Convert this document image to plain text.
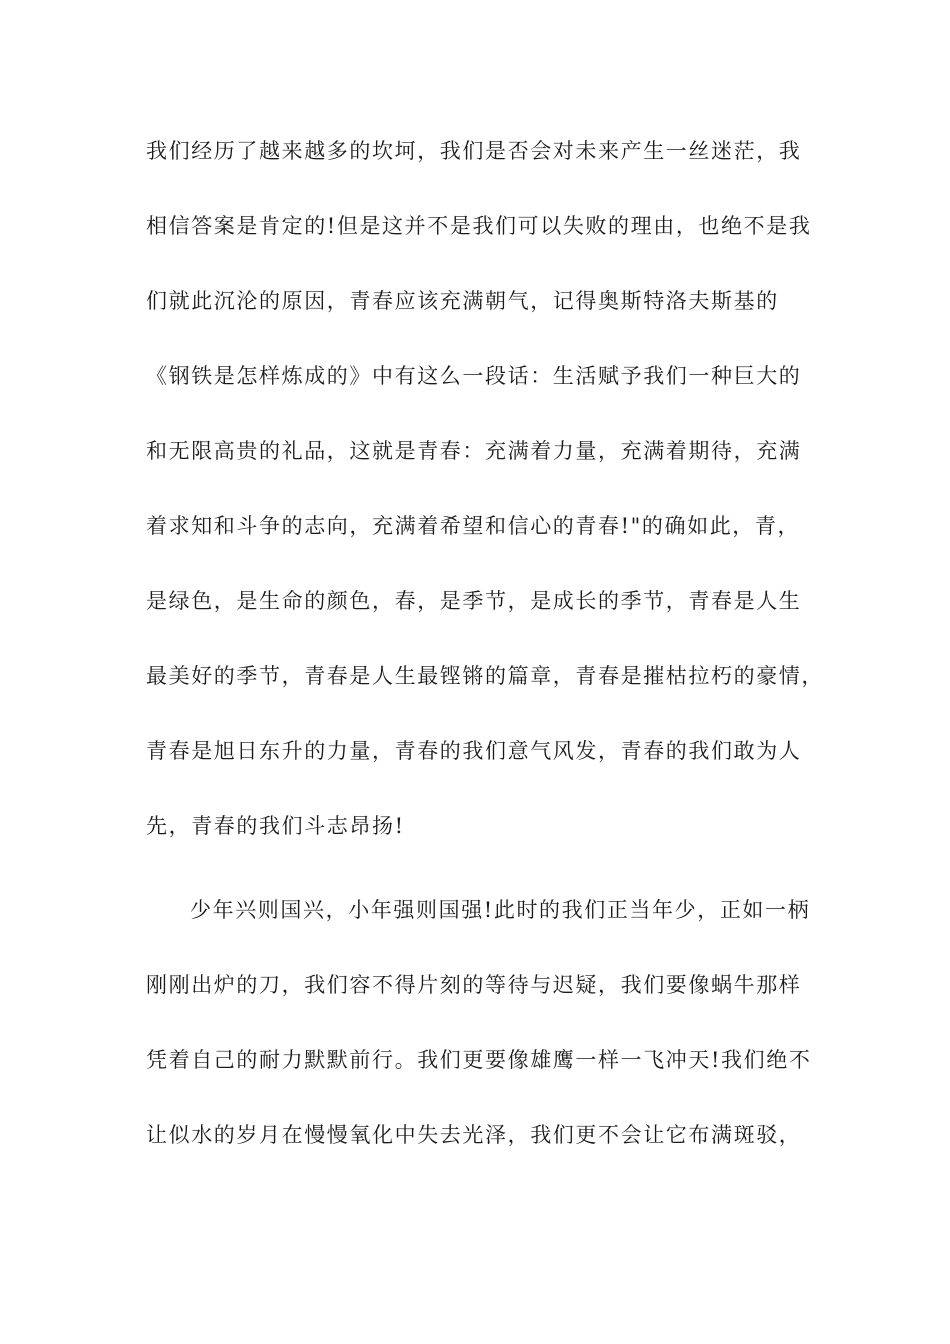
我们经历了越来越多的坎坷，我们是否会对未来产生一丝迷茫，我
相信答案是肯定的!但是这并不是我们可以失败的理由，也绝不是我
们就此沉沦的原因，青春应该充满朝气，记得奥斯特洛夫斯基的
《钢铁是怎样炼成的》中有这么一段话：生活赋予我们一种巨大的
和无限高贵的礼品，这就是青春：充满着力量，充满着期待，充满
着求知和斗争的志向，充满着希望和信心的青春!"的确如此，青，
是绿色，是生命的颜色，春，是季节，是成长的季节，青春是人生
最美好的季节，青春是人生最铿锵的篇章，青春是摧枯拉朽的豪情，
青春是旭日东升的力量，青春的我们意气风发，青春的我们敢为人
先，青春的我们斗志昂扬!
少年兴则国兴，小年强则国强!此时的我们正当年少，正如一柄
刚刚出炉的刀，我们容不得片刻的等待与迟疑，我们要像蜗牛那样
凭着自己的耐力默默前行。我们更要像雄鹰一样一飞冲天!我们绝不
让似水的岁月在慢慢氧化中失去光泽，我们更不会让它布满斑驳，
